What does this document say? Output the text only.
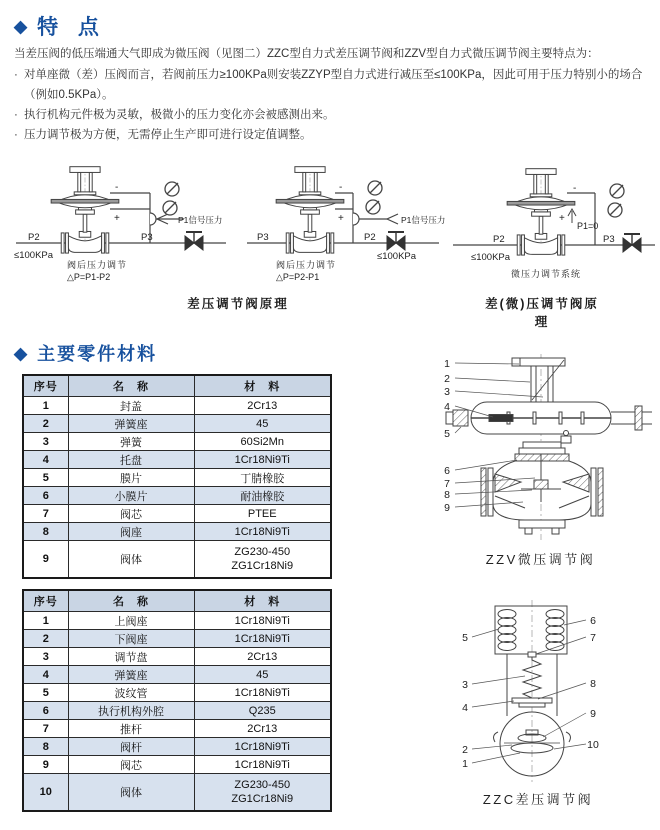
◆ 特 点
当差压阀的低压端通大气即成为微压阀（见图二）ZZC型自力式差压调节阀和ZZV型自力式微压调节阀主要特点为：
· 对单座微（差）压阀而言，若阀前压力≥100KPa则安装ZZYP型自力式进行减压至≤100KPa，因此可用于压力特别小的场合（例如0.5KPa）。
· 执行机构元件极为灵敏，极微小的压力变化亦会被感测出来。
· 压力调节极为方便，无需停止生产即可进行设定值调整。
P2
≤100KPa
P3
-
+	P1信号压力
阀后压力调节
△P=P1-P2
P3	P2
≤100KPa
-
+	P1信号压力
阀后压力调节
△P=P2-P1
P2
≤100KPa
P3
-
+
P1=0
微压力调节系统
差压调节阀原理	差(微)压调节阀原理
◆ 主要零件材料
序号	名　称	材　料
1	封盖	2Cr13
2	弹簧座	45
3	弹簧	60Si2Mn
4	托盘	1Cr18Ni9Ti
5	膜片	丁腈橡胶
6	小膜片	耐油橡胶
7	阀芯	PTEE
8	阀座	1Cr18Ni9Ti
9	阀体	ZG230-450
ZG1Cr18Ni9
序号	名　称	材　料
1	上阀座	1Cr18Ni9Ti
2	下阀座	1Cr18Ni9Ti
3	调节盘	2Cr13
4	弹簧座	45
5	波纹管	1Cr18Ni9Ti
6	执行机构外腔	Q235
7	推杆	2Cr13
8	阀杆	1Cr18Ni9Ti
9	阀芯	1Cr18Ni9Ti
10	阀体	ZG230-450
ZG1Cr18Ni9
1
2
3
4
5
6
7
8
9
ZZV微压调节阀
5
3
4
2
1
6
7
8
9
10
ZZC差压调节阀
